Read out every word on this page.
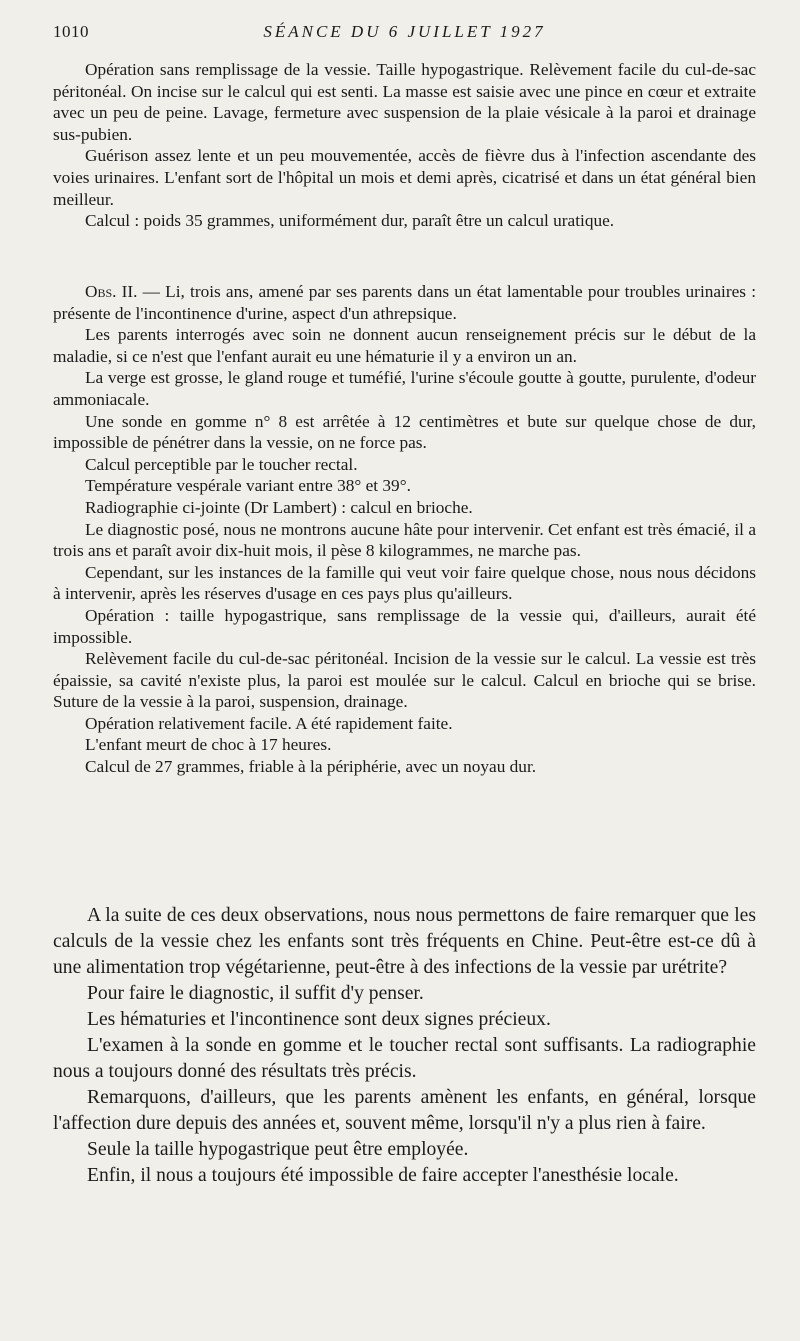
1010	SÉANCE DU 6 JUILLET 1927

Opération sans remplissage de la vessie. Taille hypogastrique. Relèvement facile du cul-de-sac péritonéal. On incise sur le calcul qui est senti. La masse est saisie avec une pince en cœur et extraite avec un peu de peine. Lavage, fermeture avec suspension de la plaie vésicale à la paroi et drainage sus-pubien.

Guérison assez lente et un peu mouvementée, accès de fièvre dus à l'infection ascendante des voies urinaires. L'enfant sort de l'hôpital un mois et demi après, cicatrisé et dans un état général bien meilleur.

Calcul : poids 35 grammes, uniformément dur, paraît être un calcul uratique.

Obs. II. — Li, trois ans, amené par ses parents dans un état lamentable pour troubles urinaires : présente de l'incontinence d'urine, aspect d'un athrepsique.

Les parents interrogés avec soin ne donnent aucun renseignement précis sur le début de la maladie, si ce n'est que l'enfant aurait eu une hématurie il y a environ un an.

La verge est grosse, le gland rouge et tuméfié, l'urine s'écoule goutte à goutte, purulente, d'odeur ammoniacale.

Une sonde en gomme n° 8 est arrêtée à 12 centimètres et bute sur quelque chose de dur, impossible de pénétrer dans la vessie, on ne force pas.

Calcul perceptible par le toucher rectal.

Température vespérale variant entre 38° et 39°.

Radiographie ci-jointe (Dr Lambert) : calcul en brioche.

Le diagnostic posé, nous ne montrons aucune hâte pour intervenir. Cet enfant est très émacié, il a trois ans et paraît avoir dix-huit mois, il pèse 8 kilogrammes, ne marche pas.

Cependant, sur les instances de la famille qui veut voir faire quelque chose, nous nous décidons à intervenir, après les réserves d'usage en ces pays plus qu'ailleurs.

Opération : taille hypogastrique, sans remplissage de la vessie qui, d'ailleurs, aurait été impossible.

Relèvement facile du cul-de-sac péritonéal. Incision de la vessie sur le calcul. La vessie est très épaissie, sa cavité n'existe plus, la paroi est moulée sur le calcul. Calcul en brioche qui se brise. Suture de la vessie à la paroi, suspension, drainage.

Opération relativement facile. A été rapidement faite.

L'enfant meurt de choc à 17 heures.

Calcul de 27 grammes, friable à la périphérie, avec un noyau dur.

A la suite de ces deux observations, nous nous permettons de faire remarquer que les calculs de la vessie chez les enfants sont très fréquents en Chine. Peut-être est-ce dû à une alimentation trop végétarienne, peut-être à des infections de la vessie par urétrite?

Pour faire le diagnostic, il suffit d'y penser.

Les hématuries et l'incontinence sont deux signes précieux.

L'examen à la sonde en gomme et le toucher rectal sont suffisants. La radiographie nous a toujours donné des résultats très précis.

Remarquons, d'ailleurs, que les parents amènent les enfants, en général, lorsque l'affection dure depuis des années et, souvent même, lorsqu'il n'y a plus rien à faire.

Seule la taille hypogastrique peut être employée.

Enfin, il nous a toujours été impossible de faire accepter l'anesthésie locale.
